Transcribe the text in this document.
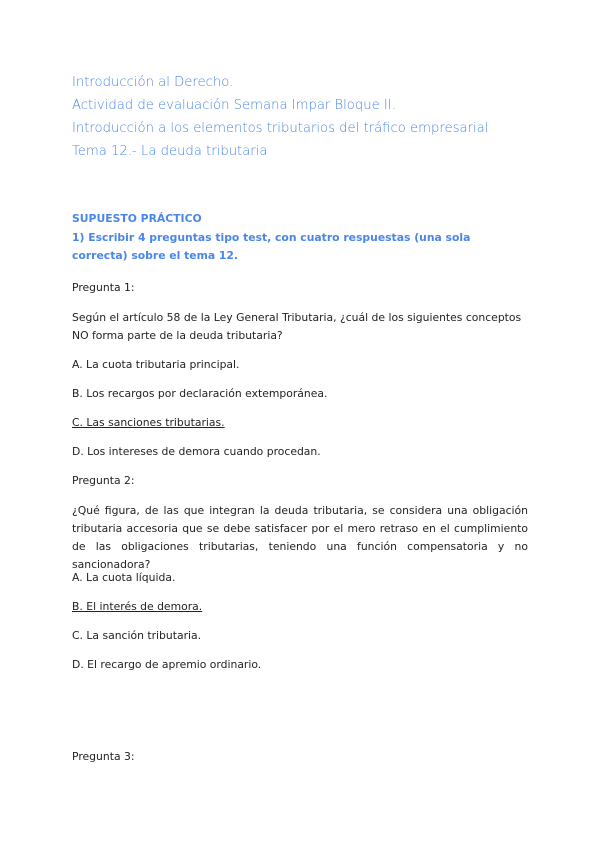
Introducción al Derecho.
Actividad de evaluación Semana Impar Bloque II.
Introducción a los elementos tributarios del tráfico empresarial
Tema 12.- La deuda tributaria
SUPUESTO PRÁCTICO
1) Escribir 4 preguntas tipo test, con cuatro respuestas (una sola correcta) sobre el tema 12.
Pregunta 1:
Según el artículo 58 de la Ley General Tributaria, ¿cuál de los siguientes conceptos NO forma parte de la deuda tributaria?
A. La cuota tributaria principal.
B. Los recargos por declaración extemporánea.
C. Las sanciones tributarias.
D. Los intereses de demora cuando procedan.
Pregunta 2:
¿Qué figura, de las que integran la deuda tributaria, se considera una obligación tributaria accesoria que se debe satisfacer por el mero retraso en el cumplimiento de las obligaciones tributarias, teniendo una función compensatoria y no sancionadora?
A. La cuota líquida.
B. El interés de demora.
C. La sanción tributaria.
D. El recargo de apremio ordinario.
Pregunta 3:
